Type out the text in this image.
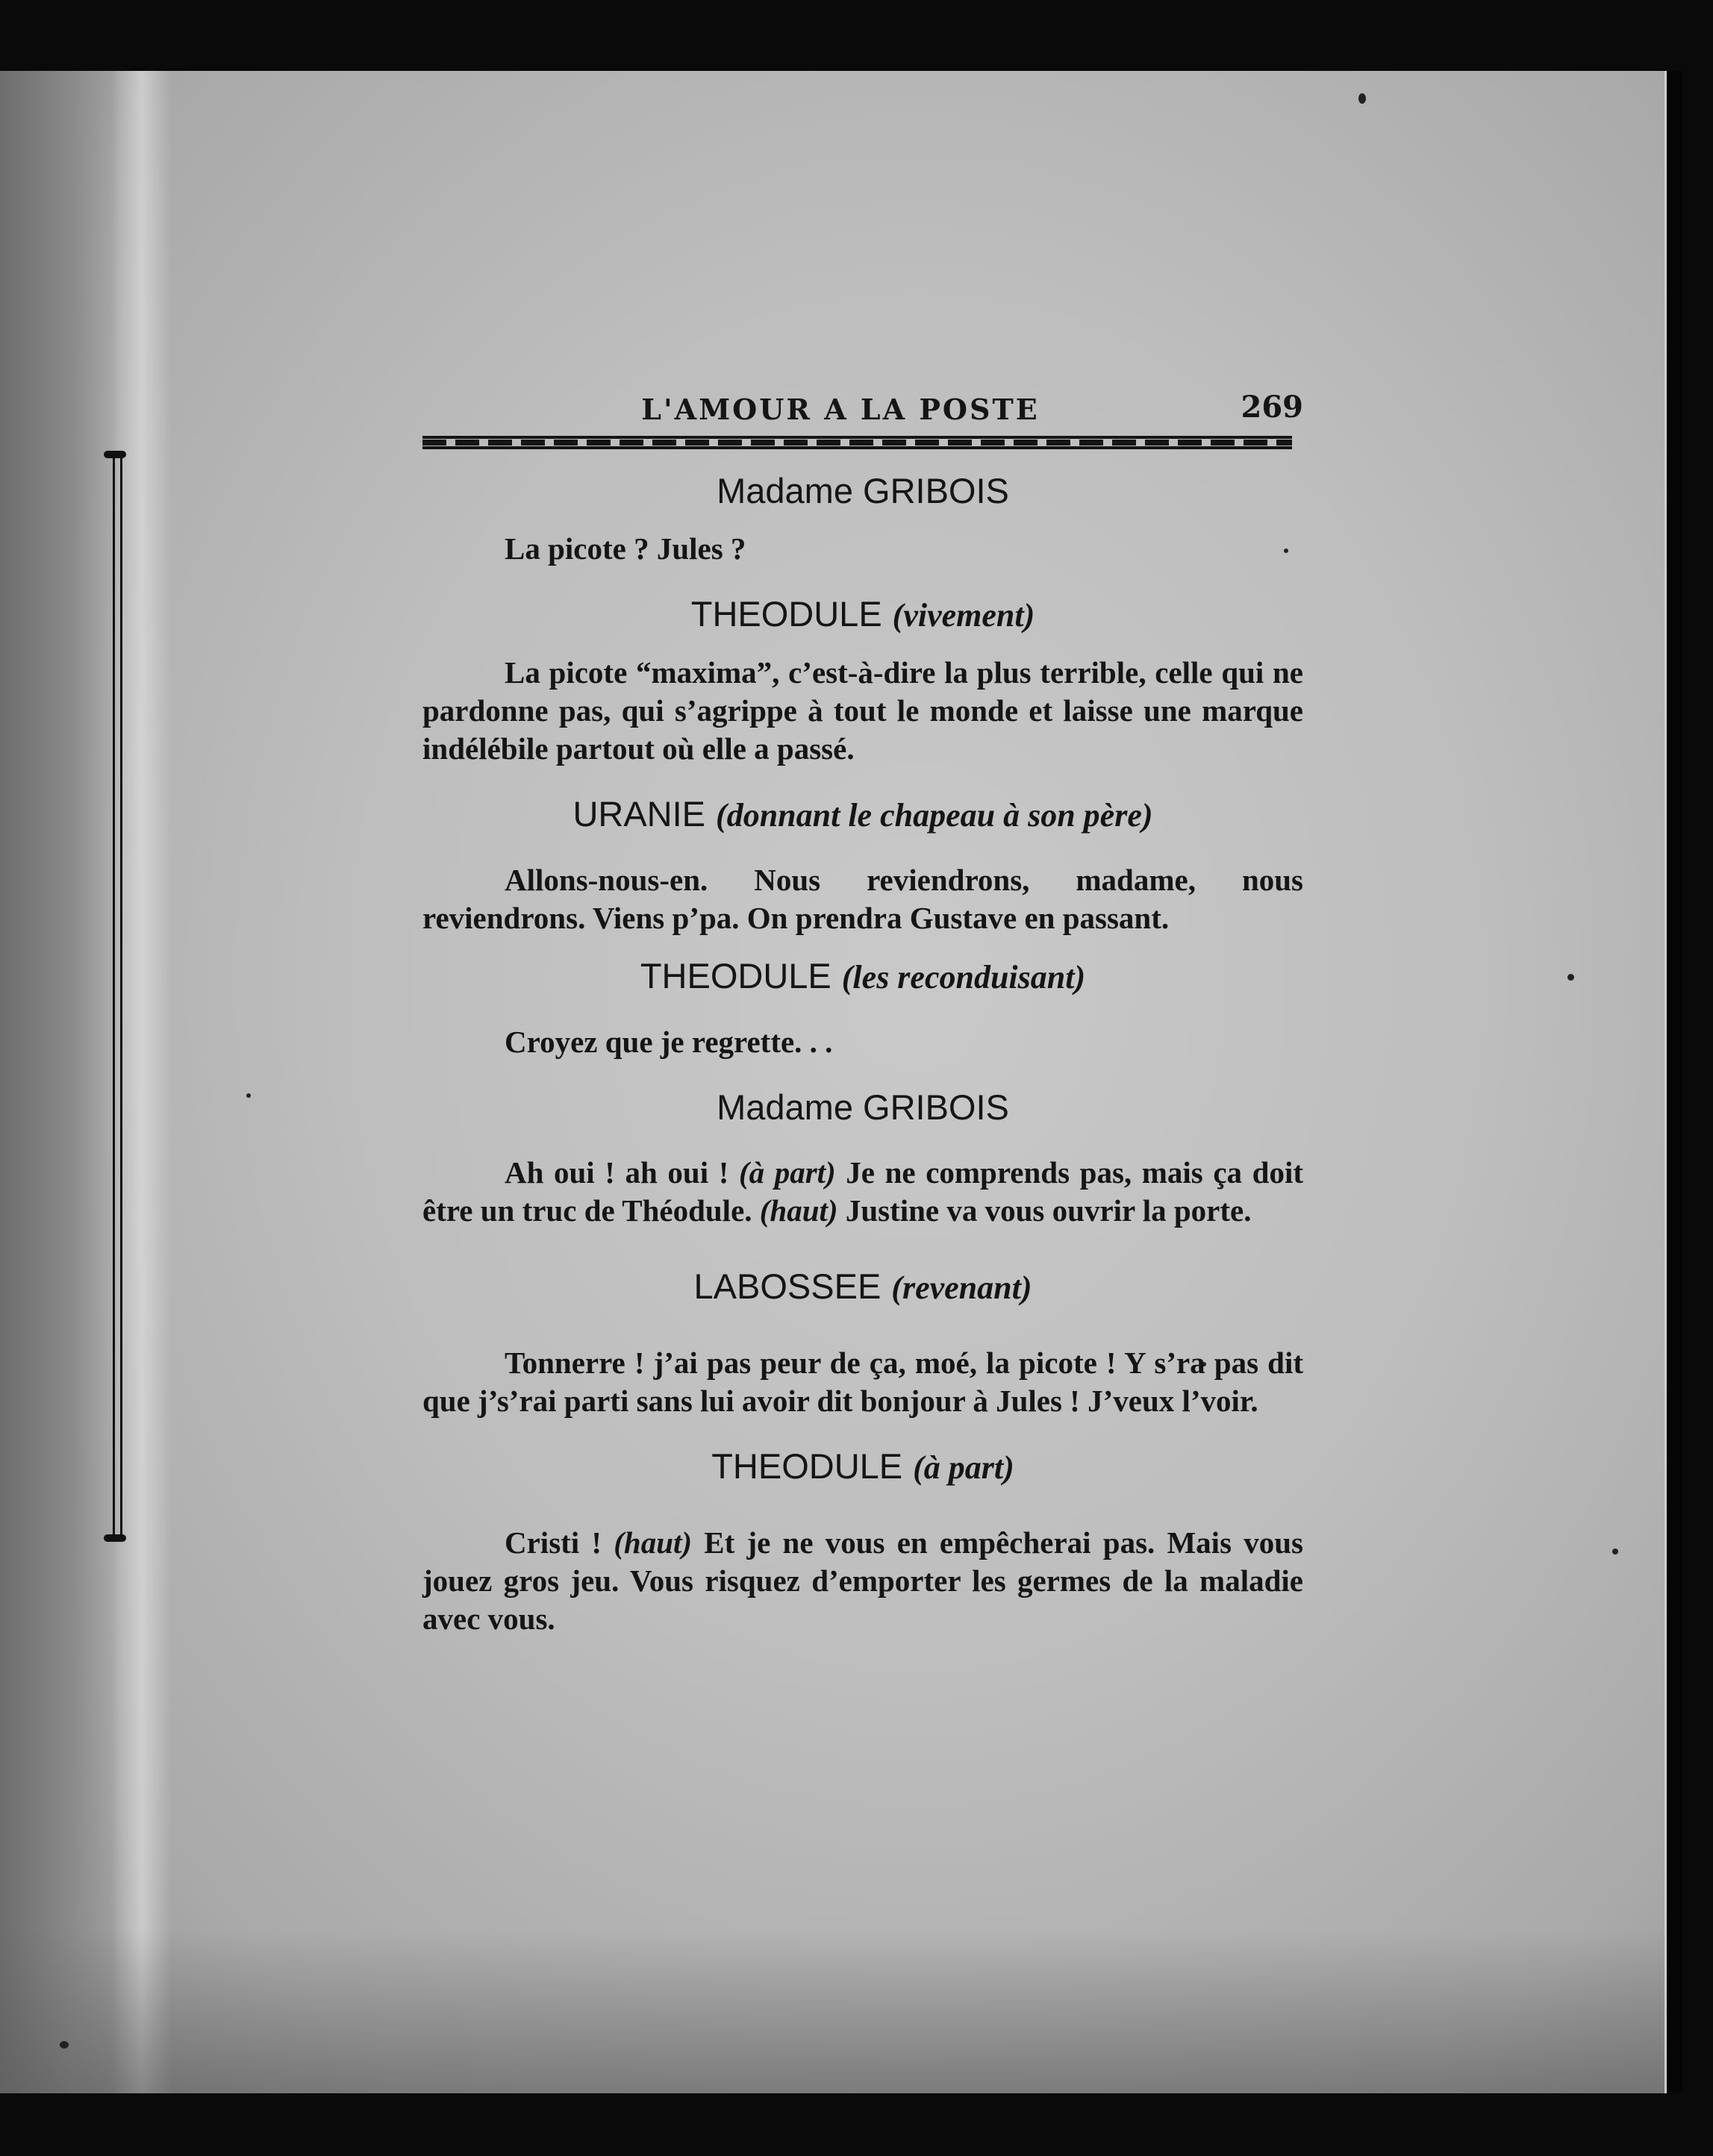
L'AMOUR A LA POSTE	269

Madame GRIBOIS

La picote ? Jules ?

THEODULE (vivement)

La picote “maxima”, c’est-à-dire la plus terrible, celle qui ne pardonne pas, qui s’agrippe à tout le monde et laisse une marque indélébile partout où elle a passé.

URANIE (donnant le chapeau à son père)

Allons-nous-en. Nous reviendrons, madame, nous reviendrons. Viens p’pa. On prendra Gustave en passant.

THEODULE (les reconduisant)

Croyez que je regrette. . .

Madame GRIBOIS

Ah oui ! ah oui ! (à part) Je ne comprends pas, mais ça doit être un truc de Théodule. (haut) Justine va vous ouvrir la porte.

LABOSSEE (revenant)

Tonnerre ! j’ai pas peur de ça, moé, la picote ! Y s’ra pas dit que j’s’rai parti sans lui avoir dit bonjour à Jules ! J’veux l’voir.

THEODULE (à part)

Cristi ! (haut) Et je ne vous en empêcherai pas. Mais vous jouez gros jeu. Vous risquez d’emporter les germes de la maladie avec vous.
